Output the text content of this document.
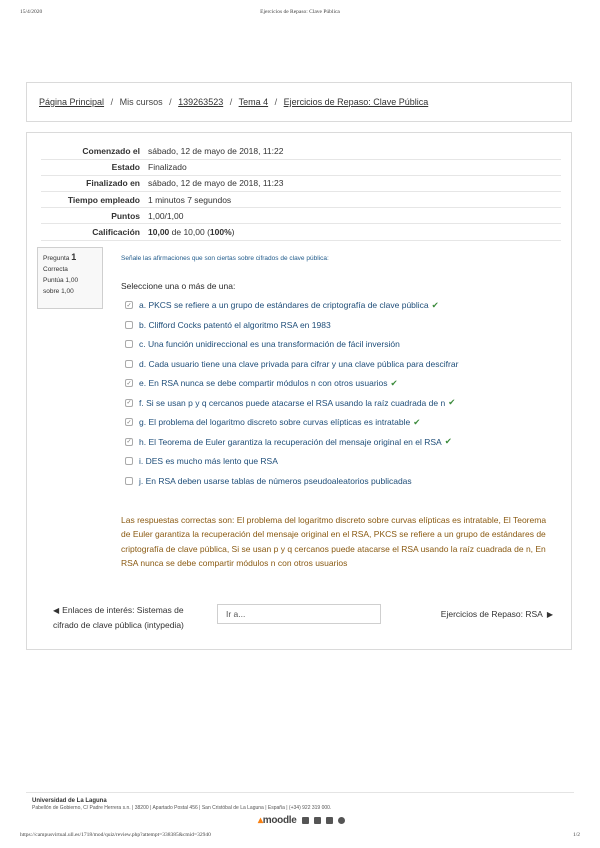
15/4/2020	Ejercicios de Repaso: Clave Pública
Página Principal / Mis cursos / 139263523 / Tema 4 / Ejercicios de Repaso: Clave Pública
Comenzado el	sábado, 12 de mayo de 2018, 11:22
Estado	Finalizado
Finalizado en	sábado, 12 de mayo de 2018, 11:23
Tiempo empleado	1 minutos 7 segundos
Puntos	1,00/1,00
Calificación	10,00 de 10,00 (100%)
Pregunta 1
Correcta
Puntúa 1,00
sobre 1,00
Señale las afirmaciones que son ciertas sobre cifrados de clave pública:
Seleccione una o más de una:
✓ a. PKCS se refiere a un grupo de estándares de criptografía de clave pública ✔
b. Clifford Cocks patentó el algoritmo RSA en 1983
c. Una función unidireccional es una transformación de fácil inversión
d. Cada usuario tiene una clave privada para cifrar y una clave pública para descifrar
✓ e. En RSA nunca se debe compartir módulos n con otros usuarios ✔
✓ f. Si se usan p y q cercanos puede atacarse el RSA usando la raíz cuadrada de n ✔
✓ g. El problema del logaritmo discreto sobre curvas elípticas es intratable ✔
✓ h. El Teorema de Euler garantiza la recuperación del mensaje original en el RSA ✔
i. DES es mucho más lento que RSA
j. En RSA deben usarse tablas de números pseudoaleatorios publicadas
Las respuestas correctas son: El problema del logaritmo discreto sobre curvas elípticas es intratable, El Teorema de Euler garantiza la recuperación del mensaje original en el RSA, PKCS se refiere a un grupo de estándares de criptografía de clave pública, Si se usan p y q cercanos puede atacarse el RSA usando la raíz cuadrada de n, En RSA nunca se debe compartir módulos n con otros usuarios
◀ Enlaces de interés: Sistemas de
cifrado de clave pública (intypedia)
Ir a...	Ejercicios de Repaso: RSA ▶
Universidad de La Laguna
Pabellón de Gobierno, C/ Padre Herrera s.n. | 38200 | Apartado Postal 456 | San Cristóbal de La Laguna | España | (+34) 922 319 000.
▴moodle
https://campusvirtual.ull.es/1718/mod/quiz/review.php?attempt=338385&cmid=32940	1/2
